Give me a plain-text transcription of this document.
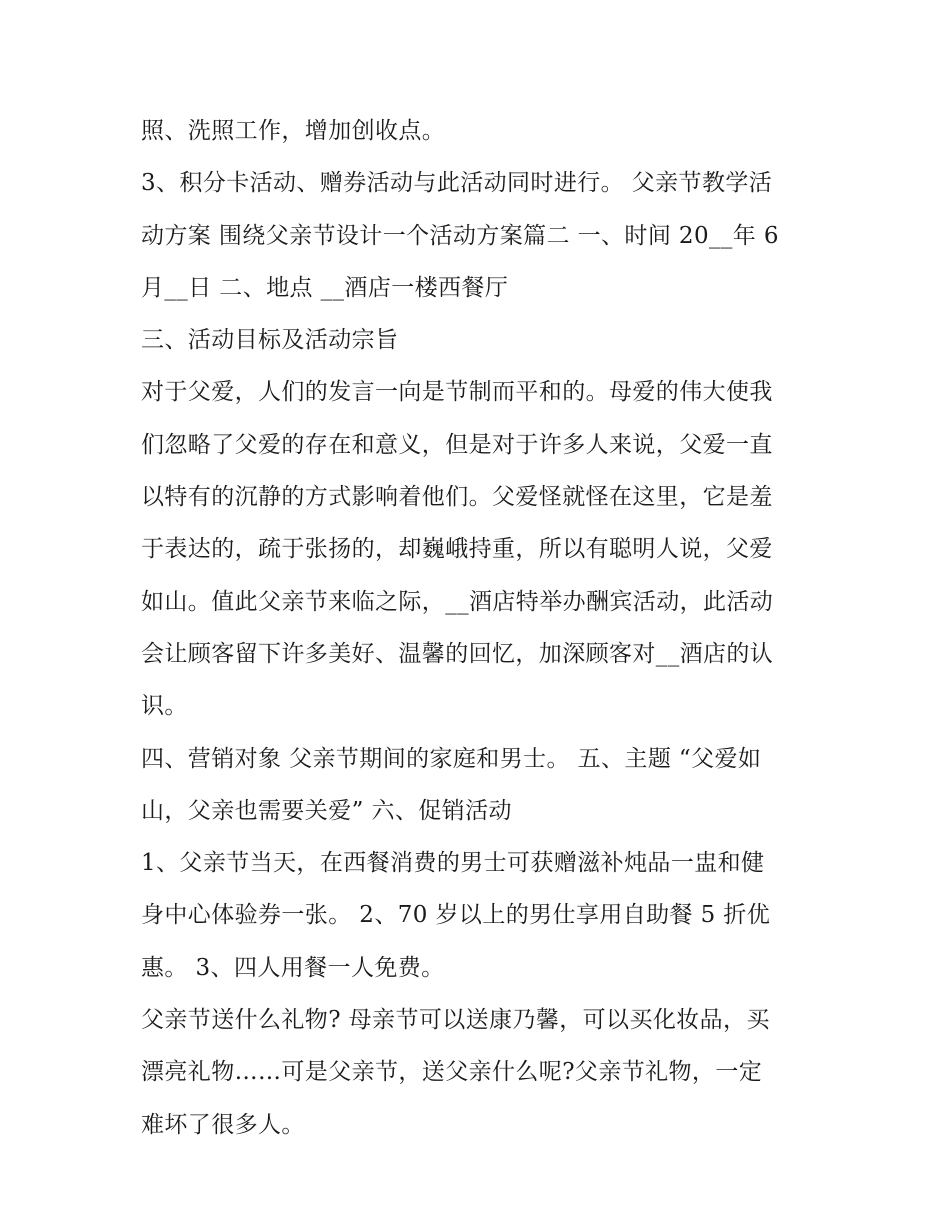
照、洗照工作，增加创收点。

3、积分卡活动、赠券活动与此活动同时进行。 父亲节教学活
动方案 围绕父亲节设计一个活动方案篇二 一、时间 20__年 6
月__日 二、地点 __酒店一楼西餐厅

三、活动目标及活动宗旨

对于父爱，人们的发言一向是节制而平和的。母爱的伟大使我
们忽略了父爱的存在和意义，但是对于许多人来说，父爱一直
以特有的沉静的方式影响着他们。父爱怪就怪在这里，它是羞
于表达的，疏于张扬的，却巍峨持重，所以有聪明人说，父爱
如山。值此父亲节来临之际，__酒店特举办酬宾活动，此活动
会让顾客留下许多美好、温馨的回忆，加深顾客对__酒店的认
识。

四、营销对象 父亲节期间的家庭和男士。 五、主题 “父爱如
山，父亲也需要关爱” 六、促销活动

1、父亲节当天，在西餐消费的男士可获赠滋补炖品一盅和健
身中心体验券一张。 2、70 岁以上的男仕享用自助餐 5 折优
惠。 3、四人用餐一人免费。

父亲节送什么礼物? 母亲节可以送康乃馨，可以买化妆品，买
漂亮礼物……可是父亲节，送父亲什么呢?父亲节礼物，一定
难坏了很多人。
